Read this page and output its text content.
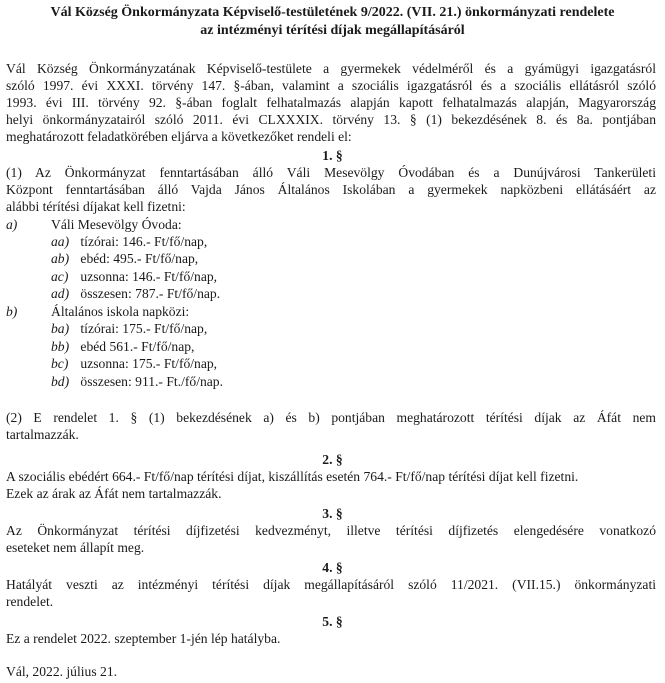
Vál Község Önkormányzata Képviselő-testületének 9/2022. (VII. 21.) önkormányzati rendelete
az intézményi térítési díjak megállapításáról
Vál Község Önkormányzatának Képviselő-testülete a gyermekek védelméről és a gyámügyi igazgatásról
szóló 1997. évi XXXI. törvény 147. §-ában, valamint a szociális igazgatásról és a szociális ellátásról szóló
1993. évi III. törvény 92. §-ában foglalt felhatalmazás alapján kapott felhatalmazás alapján, Magyarország
helyi önkormányzatairól szóló 2011. évi CLXXXIX. törvény 13. § (1) bekezdésének 8. és 8a. pontjában
meghatározott feladatkörében eljárva a következőket rendeli el:
1. §
(1) Az Önkormányzat fenntartásában álló Váli Mesevölgy Óvodában és a Dunújvárosi Tankerületi
Központ fenntartásában álló Vajda János Általános Iskolában a gyermekek napközbeni ellátásáért az
alábbi térítési díjakat kell fizetni:
a) Váli Mesevölgy Óvoda:
aa) tízórai: 146.- Ft/fő/nap,
ab) ebéd: 495.- Ft/fő/nap,
ac) uzsonna: 146.- Ft/fő/nap,
ad) összesen: 787.- Ft/fő/nap.
b) Általános iskola napközi:
ba) tízórai: 175.- Ft/fő/nap,
bb) ebéd 561.- Ft/fő/nap,
bc) uzsonna: 175.- Ft/fő/nap,
bd) összesen: 911.- Ft./fő/nap.
(2) E rendelet 1. § (1) bekezdésének a) és b) pontjában meghatározott térítési díjak az Áfát nem
tartalmazzák.
2. §
A szociális ebédért 664.- Ft/fő/nap térítési díjat, kiszállítás esetén 764.- Ft/fő/nap térítési díjat kell fizetni.
Ezek az árak az Áfát nem tartalmazzák.
3. §
Az Önkormányzat térítési díjfizetési kedvezményt, illetve térítési díjfizetés elengedésére vonatkozó
eseteket nem állapít meg.
4. §
Hatályát veszti az intézményi térítési díjak megállapításáról szóló 11/2021. (VII.15.) önkormányzati
rendelet.
5. §
Ez a rendelet 2022. szeptember 1-jén lép hatályba.
Vál, 2022. július 21.
